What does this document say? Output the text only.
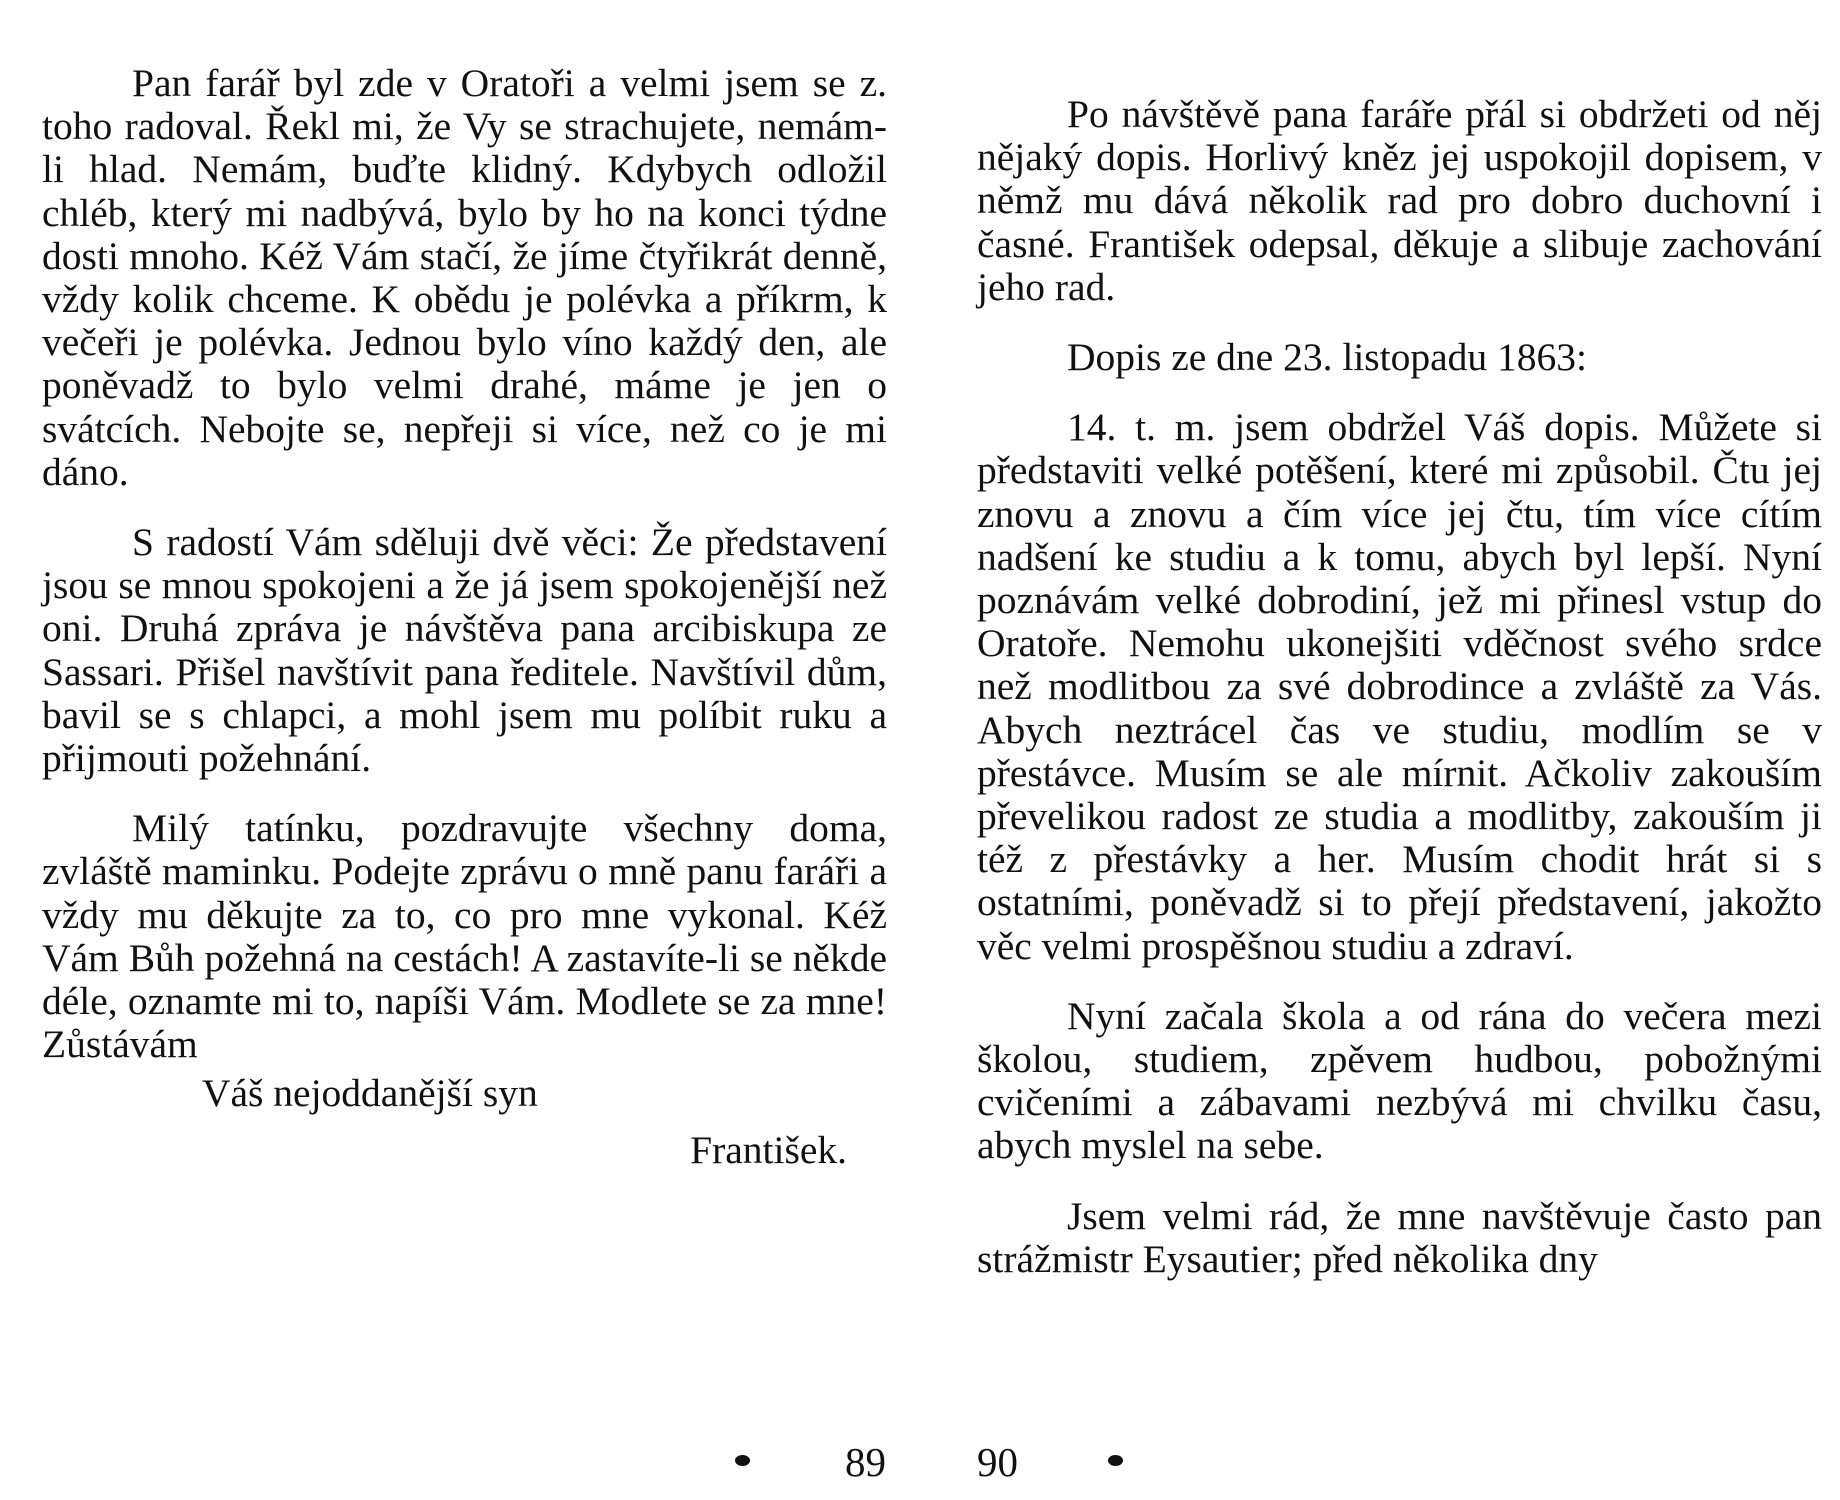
Pan farář byl zde v Oratoři a velmi jsem se z. toho radoval. Řekl mi, že Vy se strachujete, nemám-li hlad. Nemám, buďte klidný. Kdybych odložil chléb, který mi nadbývá, bylo by ho na konci týdne dosti mnoho. Kéž Vám stačí, že jíme čtyřikrát denně, vždy kolik chceme. K obědu je polévka a příkrm, k večeři je polévka. Jednou bylo víno každý den, ale poněvadž to bylo velmi drahé, máme je jen o svátcích. Nebojte se, nepřeji si více, než co je mi dáno.

S radostí Vám sděluji dvě věci: Že představení jsou se mnou spokojeni a že já jsem spokojenější než oni. Druhá zpráva je návštěva pana arcibiskupa ze Sassari. Přišel navštívit pana ředitele. Navštívil dům, bavil se s chlapci, a mohl jsem mu políbit ruku a přijmouti požehnání.

Milý tatínku, pozdravujte všechny doma, zvláště maminku. Podejte zprávu o mně panu faráři a vždy mu děkujte za to, co pro mne vykonal. Kéž Vám Bůh požehná na cestách! A zastavíte-li se někde déle, oznamte mi to, napíši Vám. Modlete se za mne! Zůstávám

Váš nejoddanější syn
František.

Po návštěvě pana faráře přál si obdržeti od něj nějaký dopis. Horlivý kněz jej uspokojil dopisem, v němž mu dává několik rad pro dobro duchovní i časné. František odepsal, děkuje a slibuje zachování jeho rad.

Dopis ze dne 23. listopadu 1863:

14. t. m. jsem obdržel Váš dopis. Můžete si představiti velké potěšení, které mi způsobil. Čtu jej znovu a znovu a čím více jej čtu, tím více cítím nadšení ke studiu a k tomu, abych byl lepší. Nyní poznávám velké dobrodiní, jež mi přinesl vstup do Oratoře. Nemohu ukonejšiti vděčnost svého srdce než modlitbou za své dobrodince a zvláště za Vás. Abych neztrácel čas ve studiu, modlím se v přestávce. Musím se ale mírnit. Ačkoliv zakouším převelikou radost ze studia a modlitby, zakouším ji též z přestávky a her. Musím chodit hrát si s ostatními, poněvadž si to přejí představení, jakožto věc velmi prospěšnou studiu a zdraví.

Nyní začala škola a od rána do večera mezi školou, studiem, zpěvem hudbou, pobožnými cvičeními a zábavami nezbývá mi chvilku času, abych myslel na sebe.

Jsem velmi rád, že mne navštěvuje často pan strážmistr Eysautier; před několika dny

89 90
